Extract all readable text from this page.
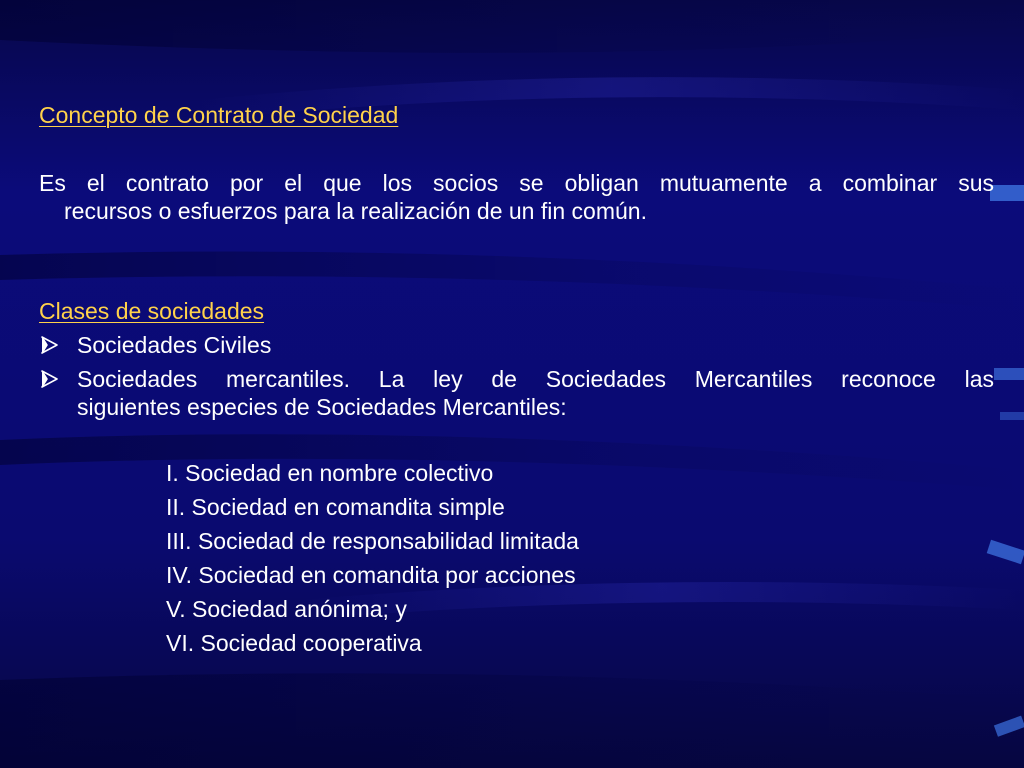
Concepto de Contrato de Sociedad

Es el contrato por el que los socios se obligan mutuamente a combinar sus
recursos o esfuerzos para la realización de un fin común.

Clases de sociedades
Sociedades Civiles
Sociedades mercantiles. La ley de Sociedades Mercantiles reconoce las
siguientes especies de Sociedades Mercantiles:
I. Sociedad en nombre colectivo
II. Sociedad en comandita simple
III. Sociedad de responsabilidad limitada
IV. Sociedad en comandita por acciones
V. Sociedad anónima; y
VI. Sociedad cooperativa
